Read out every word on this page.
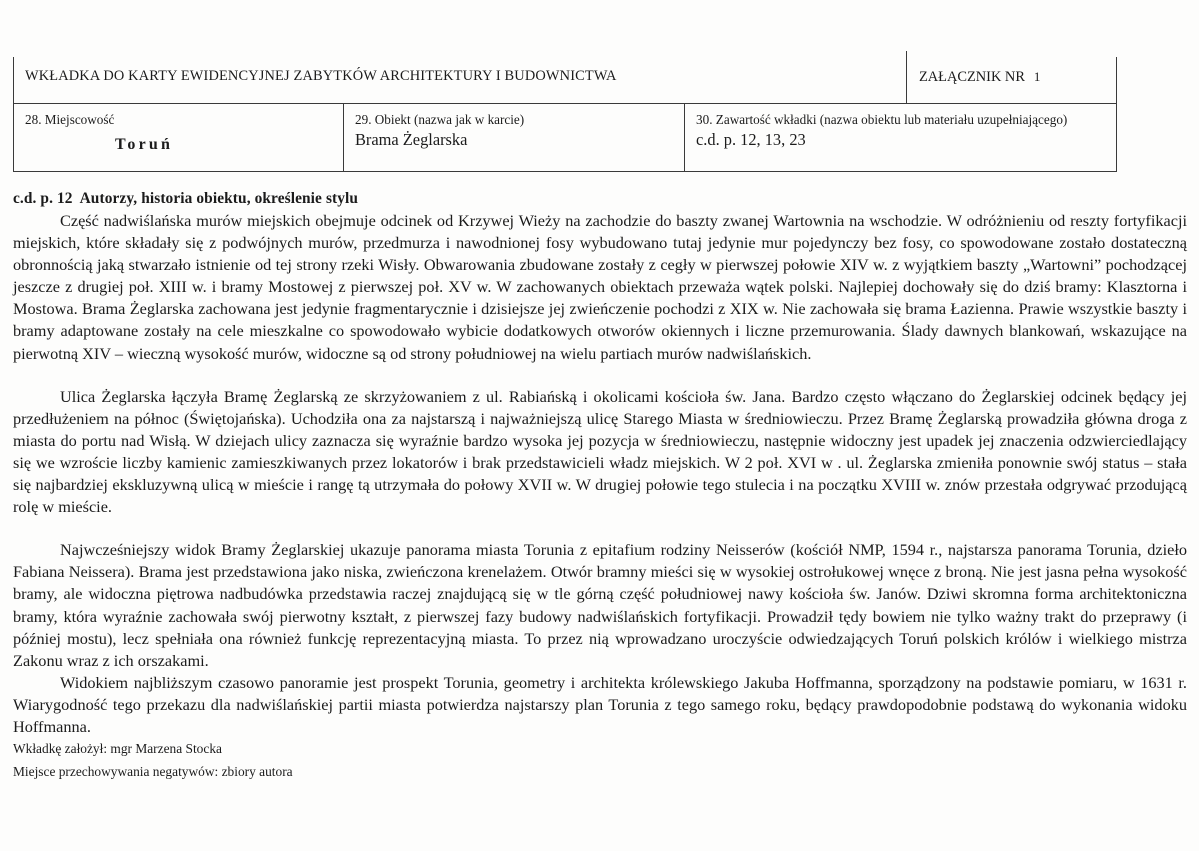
WKŁADKA DO KARTY EWIDENCYJNEJ ZABYTKÓW ARCHITEKTURY I BUDOWNICTWA	ZAŁĄCZNIK NR 1
28. Miejscowość
Toruń
29. Obiekt (nazwa jak w karcie)
Brama Żeglarska
30. Zawartość wkładki (nazwa obiektu lub materiału uzupełniającego)
c.d. p. 12, 13, 23
c.d. p. 12 Autorzy, historia obiektu, określenie stylu

Część nadwiślańska murów miejskich obejmuje odcinek od Krzywej Wieży na zachodzie do baszty zwanej Wartownia na wschodzie. W odróżnieniu od reszty fortyfikacji miejskich, które składały się z podwójnych murów, przedmurza i nawodnionej fosy wybudowano tutaj jedynie mur pojedynczy bez fosy, co spowodowane zostało dostateczną obronnością jaką stwarzało istnienie od tej strony rzeki Wisły. Obwarowania zbudowane zostały z cegły w pierwszej połowie XIV w. z wyjątkiem baszty „Wartowni” pochodzącej jeszcze z drugiej poł. XIII w. i bramy Mostowej z pierwszej poł. XV w. W zachowanych obiektach przeważa wątek polski. Najlepiej dochowały się do dziś bramy: Klasztorna i Mostowa. Brama Żeglarska zachowana jest jedynie fragmentarycznie i dzisiejsze jej zwieńczenie pochodzi z XIX w. Nie zachowała się brama Łazienna. Prawie wszystkie baszty i bramy adaptowane zostały na cele mieszkalne co spowodowało wybicie dodatkowych otworów okiennych i liczne przemurowania. Ślady dawnych blankowań, wskazujące na pierwotną XIV – wieczną wysokość murów, widoczne są od strony południowej na wielu partiach murów nadwiślańskich.

Ulica Żeglarska łączyła Bramę Żeglarską ze skrzyżowaniem z ul. Rabiańską i okolicami kościoła św. Jana. Bardzo często włączano do Żeglarskiej odcinek będący jej przedłużeniem na północ (Świętojańska). Uchodziła ona za najstarszą i najważniejszą ulicę Starego Miasta w średniowieczu. Przez Bramę Żeglarską prowadziła główna droga z miasta do portu nad Wisłą. W dziejach ulicy zaznacza się wyraźnie bardzo wysoka jej pozycja w średniowieczu, następnie widoczny jest upadek jej znaczenia odzwierciedlający się we wzroście liczby kamienic zamieszkiwanych przez lokatorów i brak przedstawicieli władz miejskich. W 2 poł. XVI w . ul. Żeglarska zmieniła ponownie swój status – stała się najbardziej ekskluzywną ulicą w mieście i rangę tą utrzymała do połowy XVII w. W drugiej połowie tego stulecia i na początku XVIII w. znów przestała odgrywać przodującą rolę w mieście.

Najwcześniejszy widok Bramy Żeglarskiej ukazuje panorama miasta Torunia z epitafium rodziny Neisserów (kościół NMP, 1594 r., najstarsza panorama Torunia, dzieło Fabiana Neissera). Brama jest przedstawiona jako niska, zwieńczona krenelażem. Otwór bramny mieści się w wysokiej ostrołukowej wnęce z broną. Nie jest jasna pełna wysokość bramy, ale widoczna piętrowa nadbudówka przedstawia raczej znajdującą się w tle górną część południowej nawy kościoła św. Janów. Dziwi skromna forma architektoniczna bramy, która wyraźnie zachowała swój pierwotny kształt, z pierwszej fazy budowy nadwiślańskich fortyfikacji. Prowadził tędy bowiem nie tylko ważny trakt do przeprawy (i później mostu), lecz spełniała ona również funkcję reprezentacyjną miasta. To przez nią wprowadzano uroczyście odwiedzających Toruń polskich królów i wielkiego mistrza Zakonu wraz z ich orszakami.

Widokiem najbliższym czasowo panoramie jest prospekt Torunia, geometry i architekta królewskiego Jakuba Hoffmanna, sporządzony na podstawie pomiaru, w 1631 r. Wiarygodność tego przekazu dla nadwiślańskiej partii miasta potwierdza najstarszy plan Torunia z tego samego roku, będący prawdopodobnie podstawą do wykonania widoku Hoffmanna.

Wkładkę założył: mgr Marzena Stocka
Miejsce przechowywania negatywów: zbiory autora
